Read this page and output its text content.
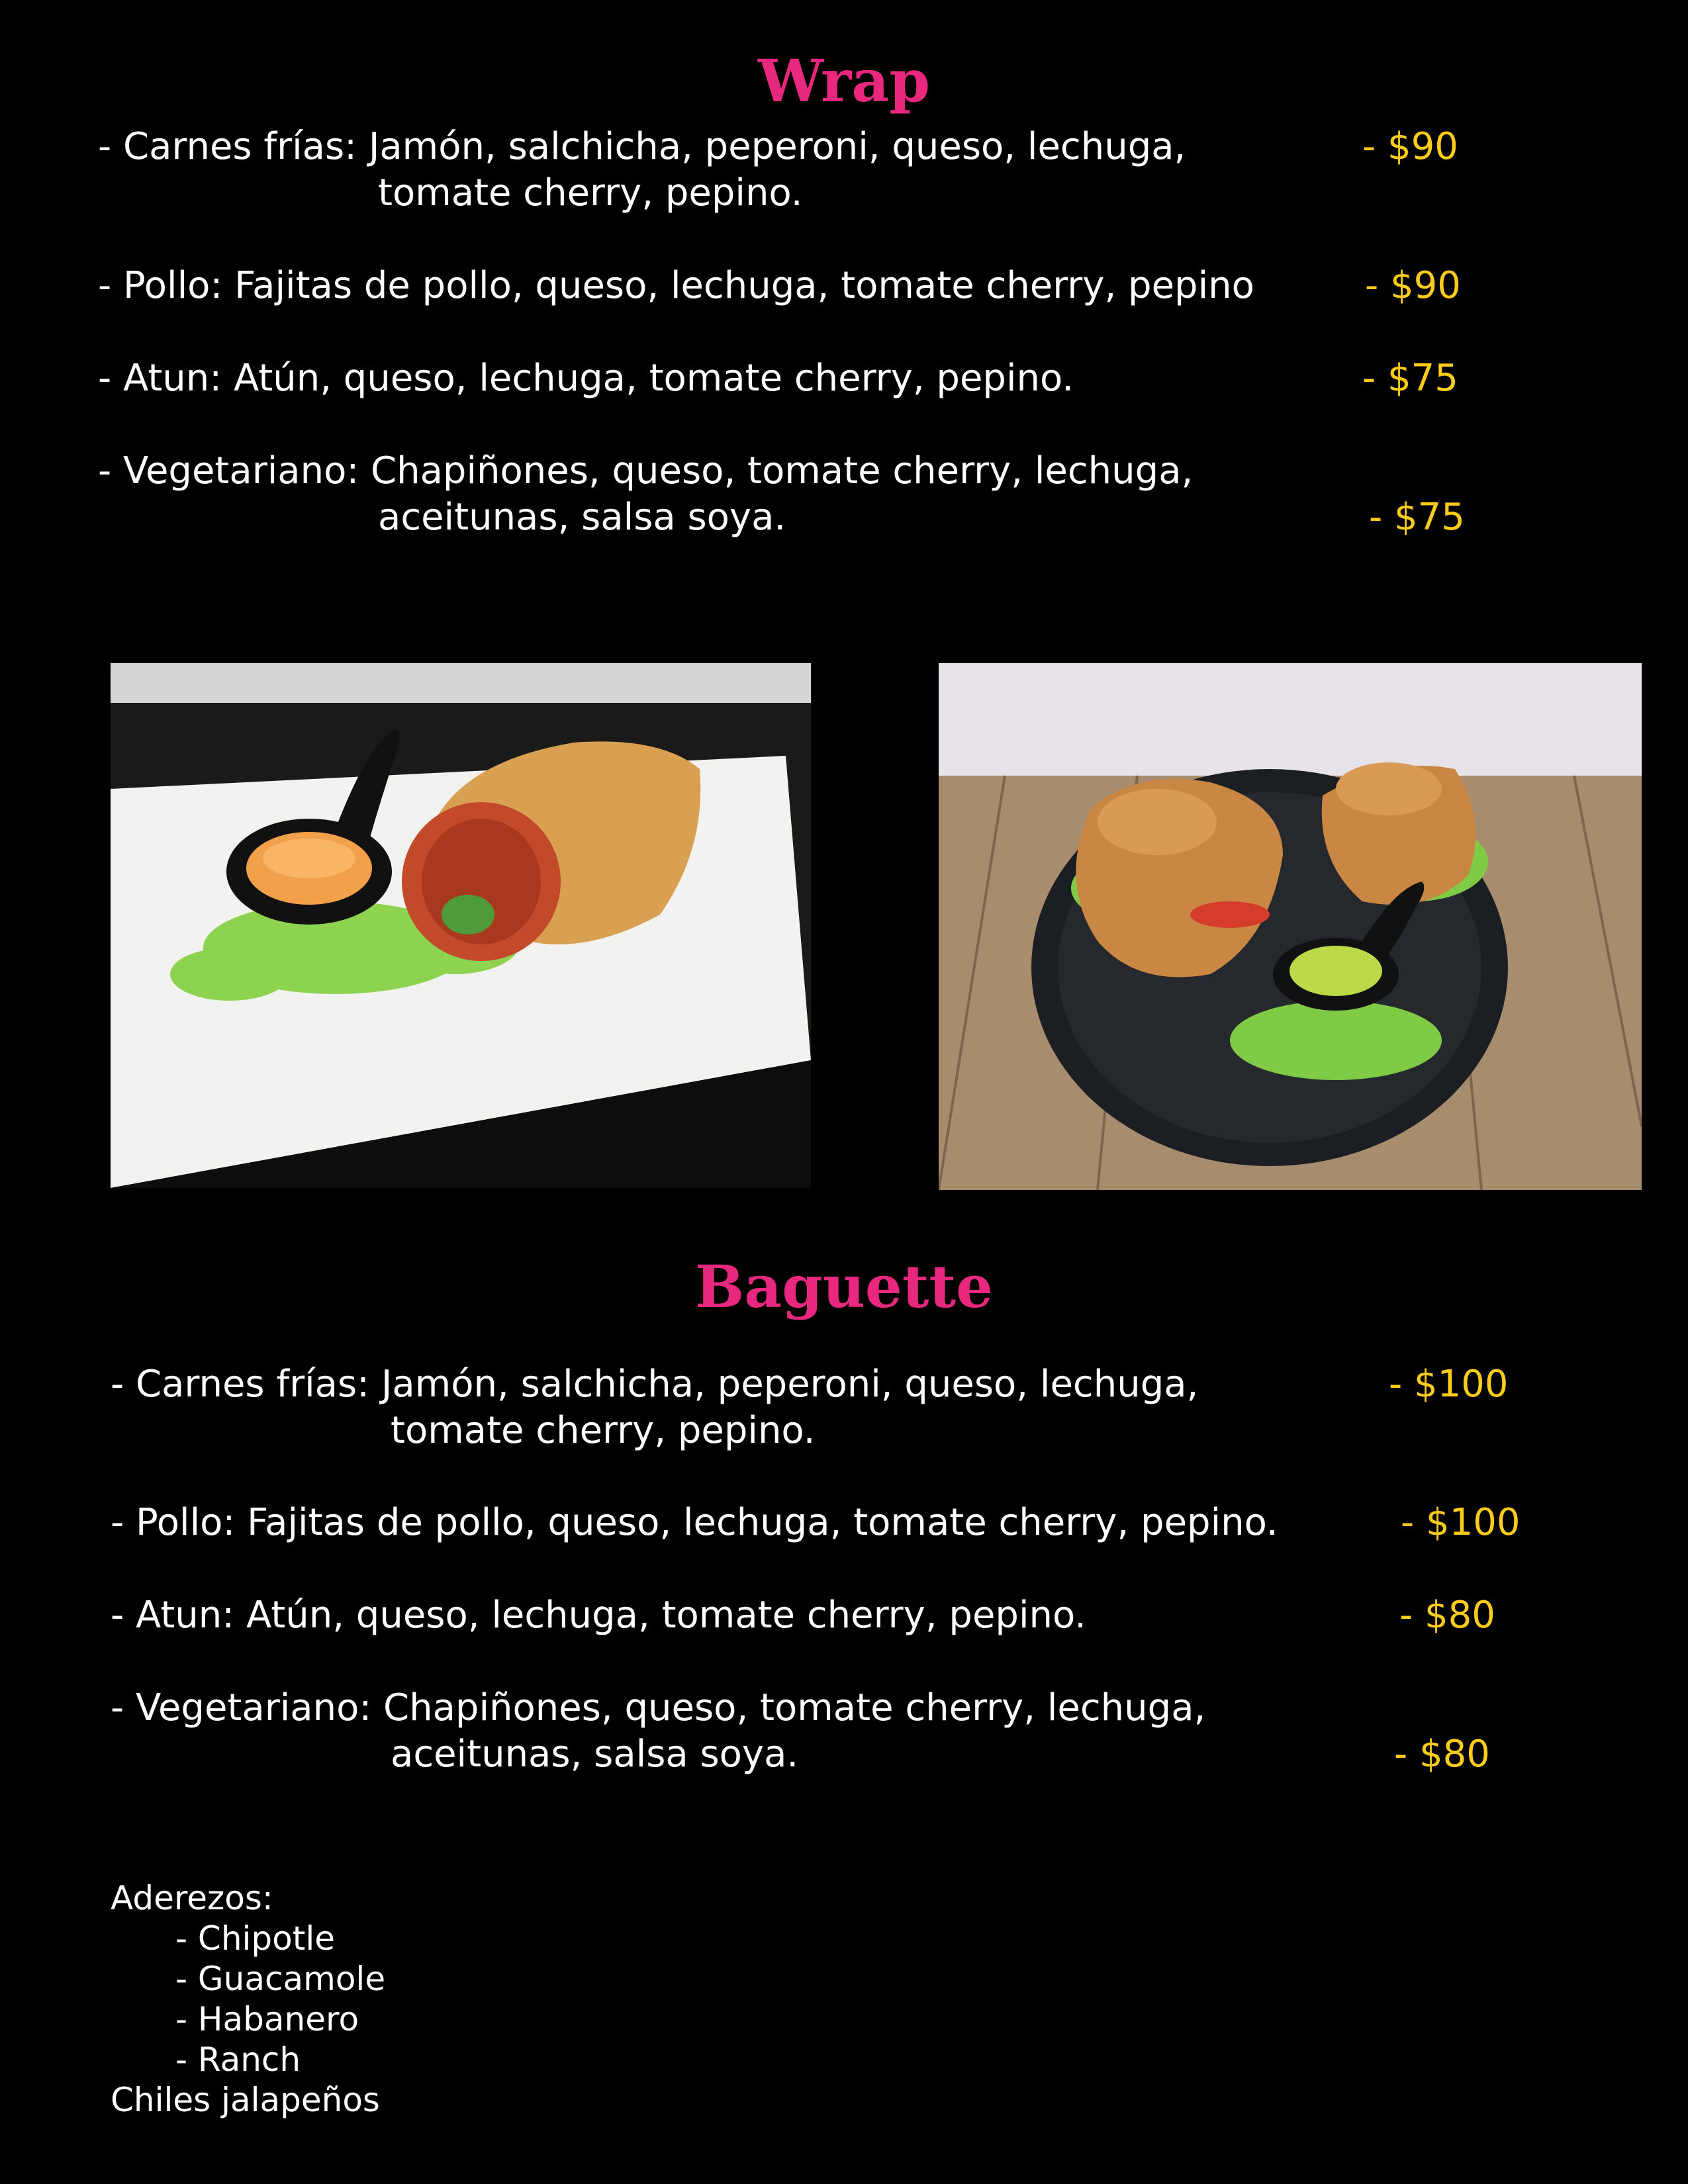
Wrap
- Carnes frías: Jamón, salchicha, peperoni, queso, lechuga,
tomate cherry, pepino.
- $90
- Pollo: Fajitas de pollo, queso, lechuga, tomate cherry, pepino	- $90
- Atun: Atún, queso, lechuga, tomate cherry, pepino.	- $75
- Vegetariano: Chapiñones, queso, tomate cherry, lechuga,
aceitunas, salsa soya.	- $75
Baguette
- Carnes frías: Jamón, salchicha, peperoni, queso, lechuga,
tomate cherry, pepino.
- $100
- Pollo: Fajitas de pollo, queso, lechuga, tomate cherry, pepino.	- $100
- Atun: Atún, queso, lechuga, tomate cherry, pepino.	- $80
- Vegetariano: Chapiñones, queso, tomate cherry, lechuga,
aceitunas, salsa soya.	- $80
Aderezos:
- Chipotle
- Guacamole
- Habanero
- Ranch
Chiles jalapeños
